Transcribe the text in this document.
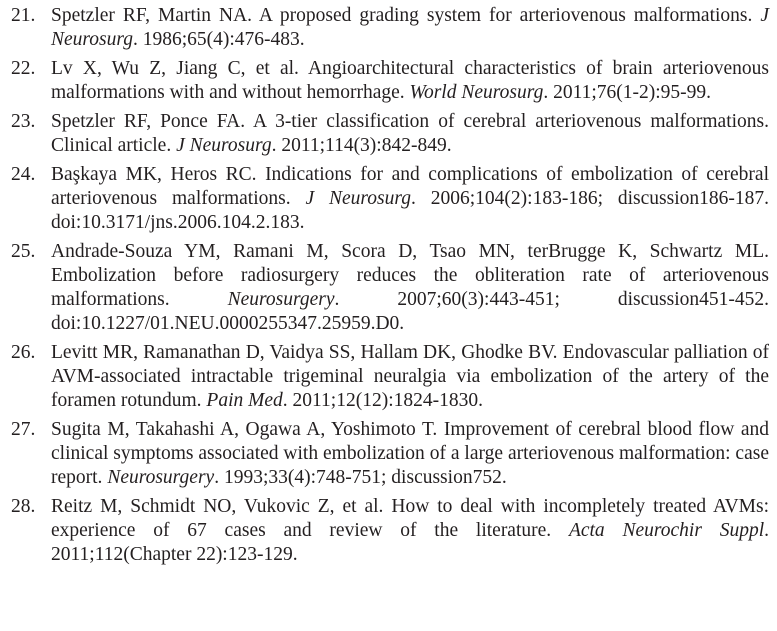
21. Spetzler RF, Martin NA. A proposed grading system for arteriovenous malformations. J Neurosurg. 1986;65(4):476-483.
22. Lv X, Wu Z, Jiang C, et al. Angioarchitectural characteristics of brain arteriovenous malformations with and without hemorrhage. World Neurosurg. 2011;76(1-2):95-99.
23. Spetzler RF, Ponce FA. A 3-tier classification of cerebral arteriovenous malformations. Clinical article. J Neurosurg. 2011;114(3):842-849.
24. Başkaya MK, Heros RC. Indications for and complications of embolization of cerebral arteriovenous malformations. J Neurosurg. 2006;104(2):183-186; discussion186-187. doi:10.3171/jns.2006.104.2.183.
25. Andrade-Souza YM, Ramani M, Scora D, Tsao MN, terBrugge K, Schwartz ML. Embolization before radiosurgery reduces the obliteration rate of arteriovenous malformations. Neurosurgery. 2007;60(3):443-451; discussion451-452. doi:10.1227/01.NEU.0000255347.25959.D0.
26. Levitt MR, Ramanathan D, Vaidya SS, Hallam DK, Ghodke BV. Endovascular palliation of AVM-associated intractable trigeminal neuralgia via embolization of the artery of the foramen rotundum. Pain Med. 2011;12(12):1824-1830.
27. Sugita M, Takahashi A, Ogawa A, Yoshimoto T. Improvement of cerebral blood flow and clinical symptoms associated with embolization of a large arteriovenous malformation: case report. Neurosurgery. 1993;33(4):748-751; discussion752.
28. Reitz M, Schmidt NO, Vukovic Z, et al. How to deal with incompletely treated AVMs: experience of 67 cases and review of the literature. Acta Neurochir Suppl. 2011;112(Chapter 22):123-129.
